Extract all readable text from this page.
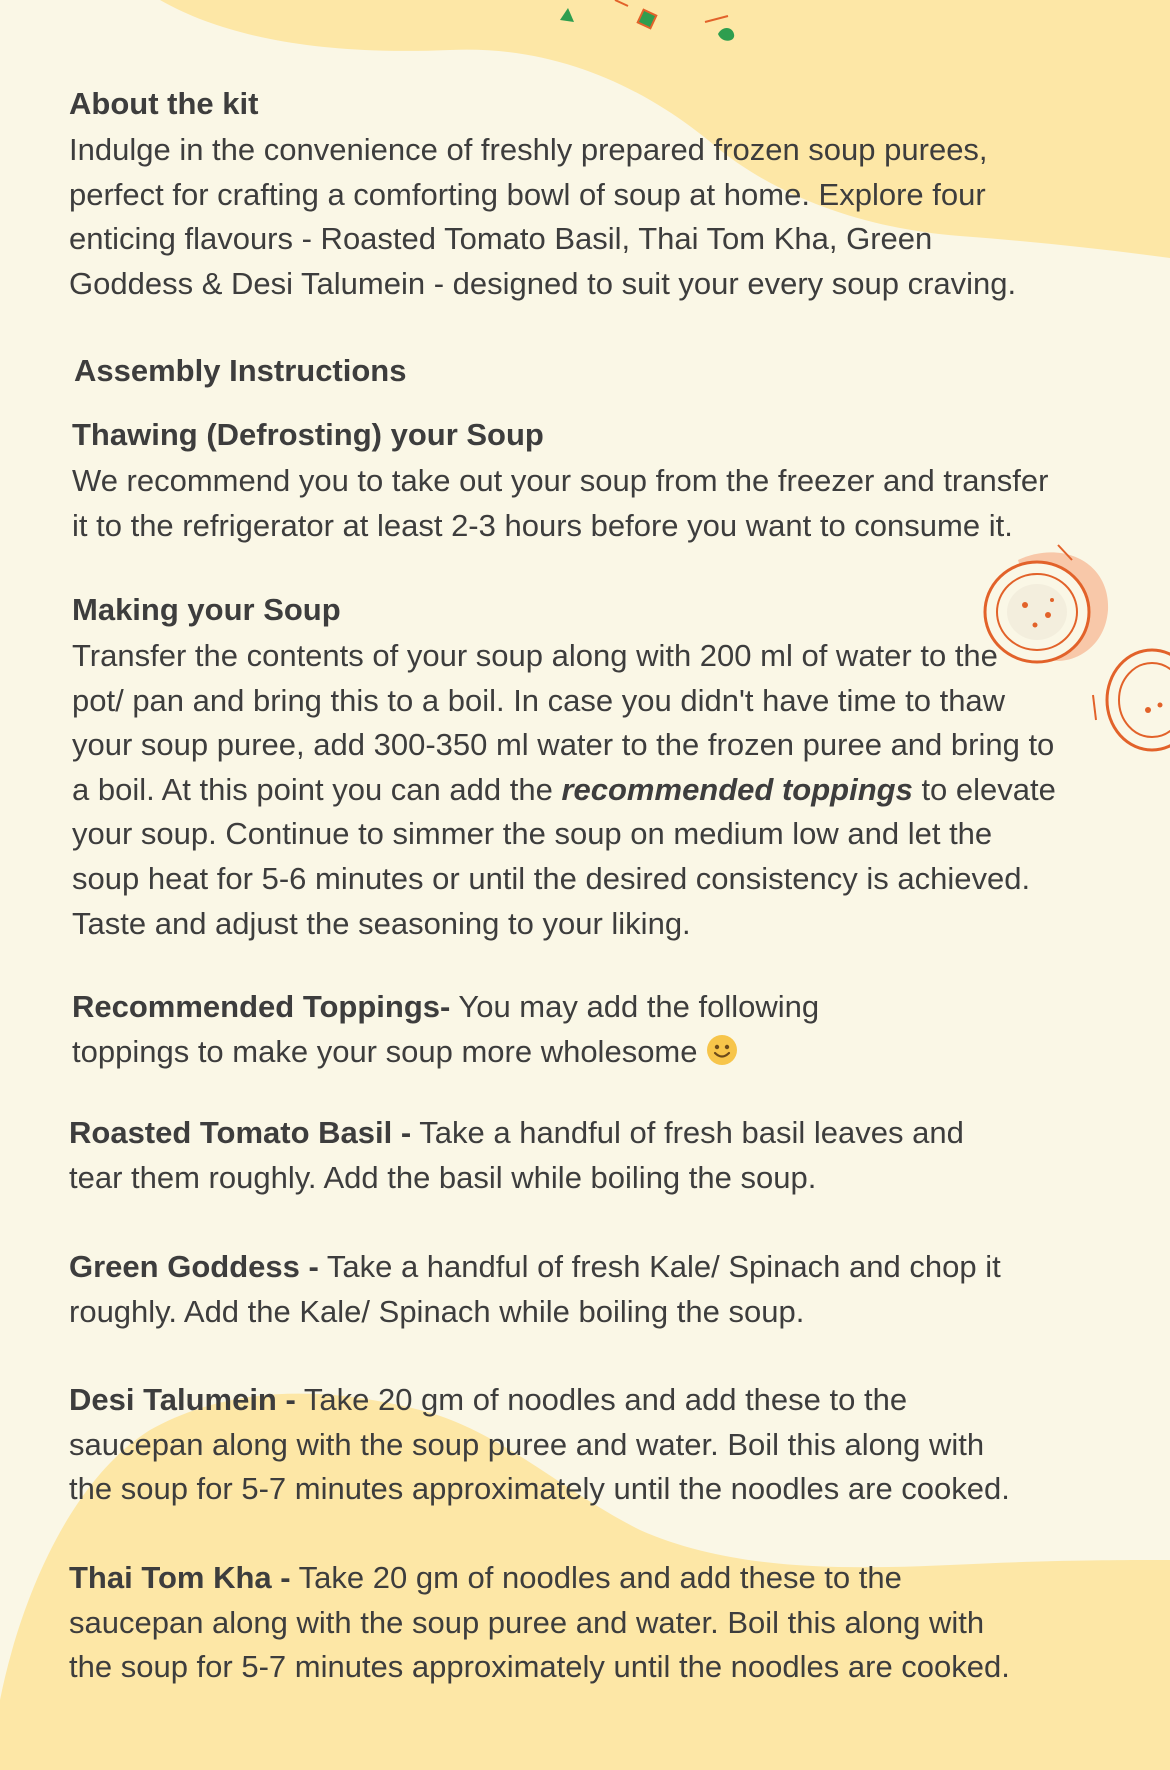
About the kit

Indulge in the convenience of freshly prepared frozen soup purees,

perfect for crafting a comforting bowl of soup at home. Explore four

enticing flavours - Roasted Tomato Basil, Thai Tom Kha, Green

Goddess & Desi Talumein - designed to suit your every soup craving.

Assembly Instructions

Thawing (Defrosting) your Soup

We recommend you to take out your soup from the freezer and transfer

it to the refrigerator at least 2-3 hours before you want to consume it.

Making your Soup

Transfer the contents of your soup along with 200 ml of water to the

pot/ pan and bring this to a boil. In case you didn't have time to thaw

your soup puree, add 300-350 ml water to the frozen puree and bring to

a boil. At this point you can add the recommended toppings to elevate

your soup. Continue to simmer the soup on medium low and let the

soup heat for 5-6 minutes or until the desired consistency is achieved.

Taste and adjust the seasoning to your liking.

Recommended Toppings- You may add the following

toppings to make your soup more wholesome

Roasted Tomato Basil - Take a handful of fresh basil leaves and

tear them roughly. Add the basil while boiling the soup.

Green Goddess - Take a handful of fresh Kale/ Spinach and chop it

roughly. Add the Kale/ Spinach while boiling the soup.

Desi Talumein - Take 20 gm of noodles and add these to the

saucepan along with the soup puree and water. Boil this along with

the soup for 5-7 minutes approximately until the noodles are cooked.

Thai Tom Kha - Take 20 gm of noodles and add these to the

saucepan along with the soup puree and water. Boil this along with

the soup for 5-7 minutes approximately until the noodles are cooked.
